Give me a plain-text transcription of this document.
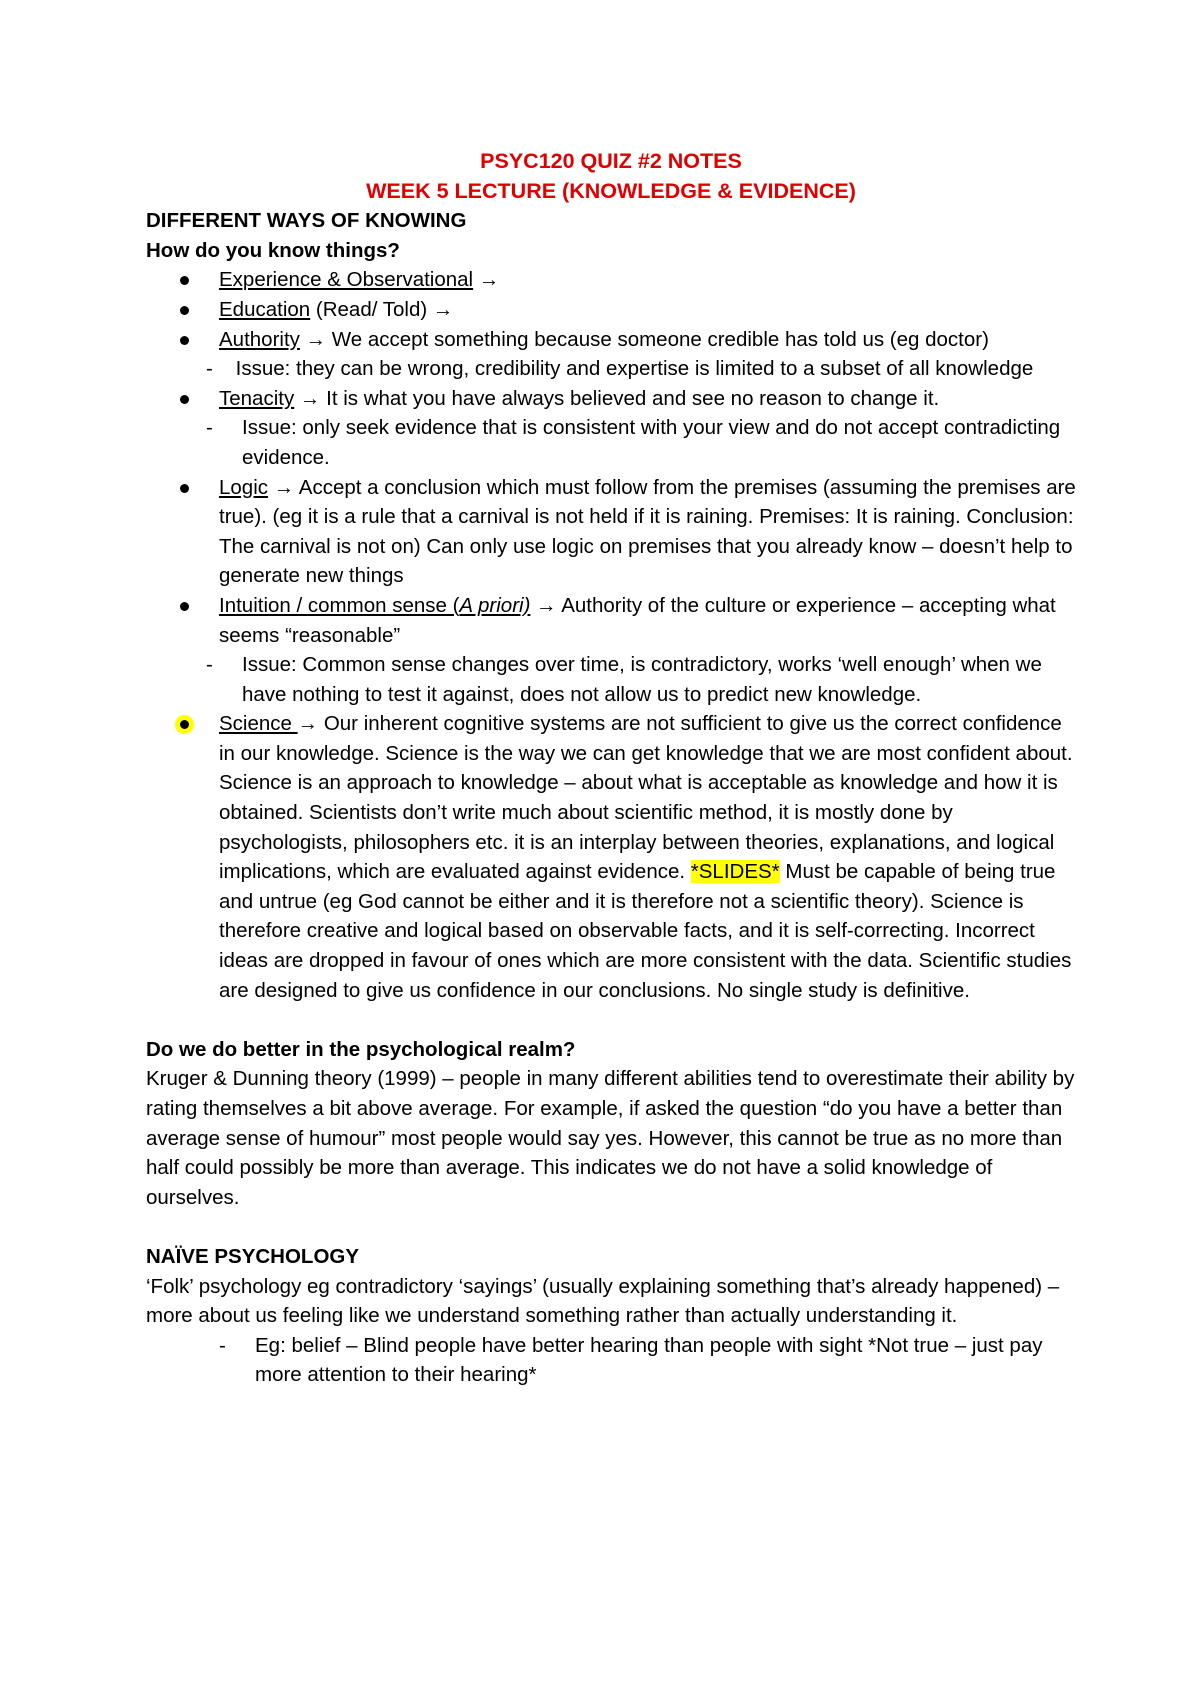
PSYC120 QUIZ #2 NOTES

WEEK 5 LECTURE (KNOWLEDGE & EVIDENCE)

DIFFERENT WAYS OF KNOWING

How do you know things?

Experience & Observational →
Education (Read/ Told) →
Authority → We accept something because someone credible has told us (eg doctor)
- Issue: they can be wrong, credibility and expertise is limited to a subset of all knowledge
Tenacity → It is what you have always believed and see no reason to change it.
- Issue: only seek evidence that is consistent with your view and do not accept contradicting evidence.
Logic → Accept a conclusion which must follow from the premises (assuming the premises are true). (eg it is a rule that a carnival is not held if it is raining. Premises: It is raining. Conclusion: The carnival is not on) Can only use logic on premises that you already know – doesn’t help to generate new things
Intuition / common sense (A priori) → Authority of the culture or experience – accepting what seems “reasonable”
- Issue: Common sense changes over time, is contradictory, works ‘well enough’ when we have nothing to test it against, does not allow us to predict new knowledge.
Science → Our inherent cognitive systems are not sufficient to give us the correct confidence in our knowledge. Science is the way we can get knowledge that we are most confident about. Science is an approach to knowledge – about what is acceptable as knowledge and how it is obtained. Scientists don’t write much about scientific method, it is mostly done by psychologists, philosophers etc. it is an interplay between theories, explanations, and logical implications, which are evaluated against evidence. *SLIDES* Must be capable of being true and untrue (eg God cannot be either and it is therefore not a scientific theory). Science is therefore creative and logical based on observable facts, and it is self-correcting. Incorrect ideas are dropped in favour of ones which are more consistent with the data. Scientific studies are designed to give us confidence in our conclusions. No single study is definitive.

Do we do better in the psychological realm?

Kruger & Dunning theory (1999) – people in many different abilities tend to overestimate their ability by rating themselves a bit above average. For example, if asked the question “do you have a better than average sense of humour” most people would say yes. However, this cannot be true as no more than half could possibly be more than average. This indicates we do not have a solid knowledge of ourselves.

NAÏVE PSYCHOLOGY

‘Folk’ psychology eg contradictory ‘sayings’ (usually explaining something that’s already happened) – more about us feeling like we understand something rather than actually understanding it.

- Eg: belief – Blind people have better hearing than people with sight *Not true – just pay more attention to their hearing*
